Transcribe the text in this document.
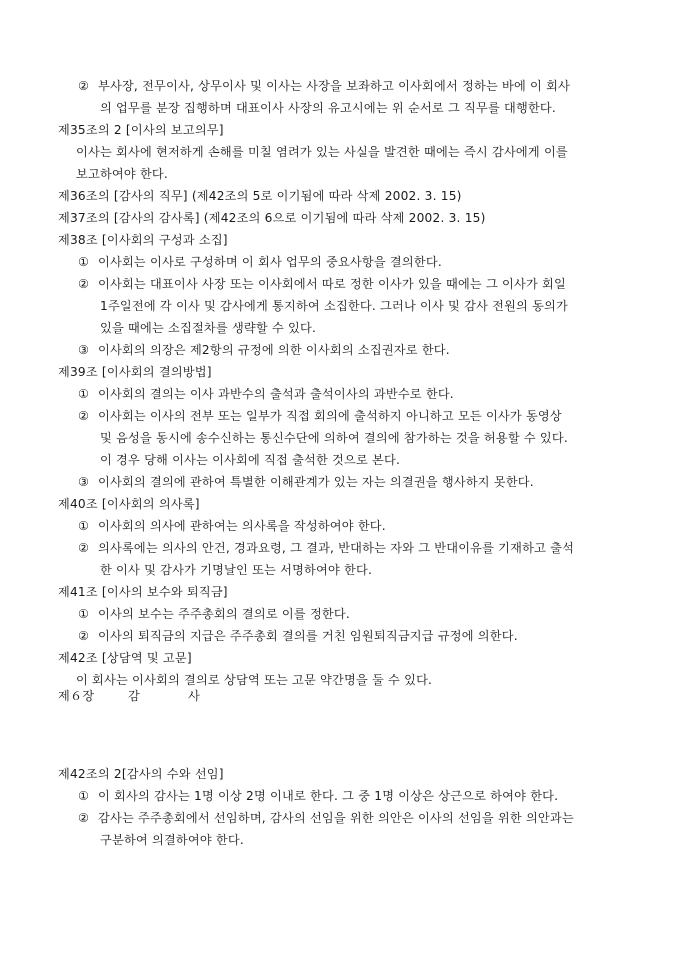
② 부사장, 전무이사, 상무이사 및 이사는 사장을 보좌하고 이사회에서 정하는 바에 이 회사
의 업무를 분장 집행하며 대표이사 사장의 유고시에는 위 순서로 그 직무를 대행한다.
제35조의 2 [이사의 보고의무]
이사는 회사에 현저하게 손해를 미칠 염려가 있는 사실을 발견한 때에는 즉시 감사에게 이를
보고하여야 한다.
제36조의 [감사의 직무] (제42조의 5로 이기됨에 따라 삭제 2002. 3. 15)
제37조의 [감사의 감사록] (제42조의 6으로 이기됨에 따라 삭제 2002. 3. 15)
제38조 [이사회의 구성과 소집]
① 이사회는 이사로 구성하며 이 회사 업무의 중요사항을 결의한다.
② 이사회는 대표이사 사장 또는 이사회에서 따로 정한 이사가 있을 때에는 그 이사가 회일
1주일전에 각 이사 및 감사에게 통지하여 소집한다. 그러나 이사 및 감사 전원의 동의가
있을 때에는 소집절차를 생략할 수 있다.
③ 이사회의 의장은 제2항의 규정에 의한 이사회의 소집권자로 한다.
제39조 [이사회의 결의방법]
① 이사회의 결의는 이사 과반수의 출석과 출석이사의 과반수로 한다.
② 이사회는 이사의 전부 또는 일부가 직접 회의에 출석하지 아니하고 모든 이사가 동영상
및 음성을 동시에 송수신하는 통신수단에 의하여 결의에 참가하는 것을 허용할 수 있다.
이 경우 당해 이사는 이사회에 직접 출석한 것으로 본다.
③ 이사회의 결의에 관하여 특별한 이해관계가 있는 자는 의결권을 행사하지 못한다.
제40조 [이사회의 의사록]
① 이사회의 의사에 관하여는 의사록을 작성하여야 한다.
② 의사록에는 의사의 안건, 경과요령, 그 결과, 반대하는 자와 그 반대이유를 기재하고 출석
한 이사 및 감사가 기명날인 또는 서명하여야 한다.
제41조 [이사의 보수와 퇴직금]
① 이사의 보수는 주주총회의 결의로 이를 정한다.
② 이사의 퇴직금의 지급은 주주총회 결의를 거친 임원퇴직금지급 규정에 의한다.
제42조 [상담역 및 고문]
이 회사는 이사회의 결의로 상담역 또는 고문 약간명을 둘 수 있다.
제42조의 2[감사의 수와 선임]
① 이 회사의 감사는 1명 이상 2명 이내로 한다. 그 중 1명 이상은 상근으로 하여야 한다.
② 감사는 주주총회에서 선임하며, 감사의 선임을 위한 의안은 이사의 선임을 위한 의안과는
구분하여 의결하여야 한다.
제６장	감	사
